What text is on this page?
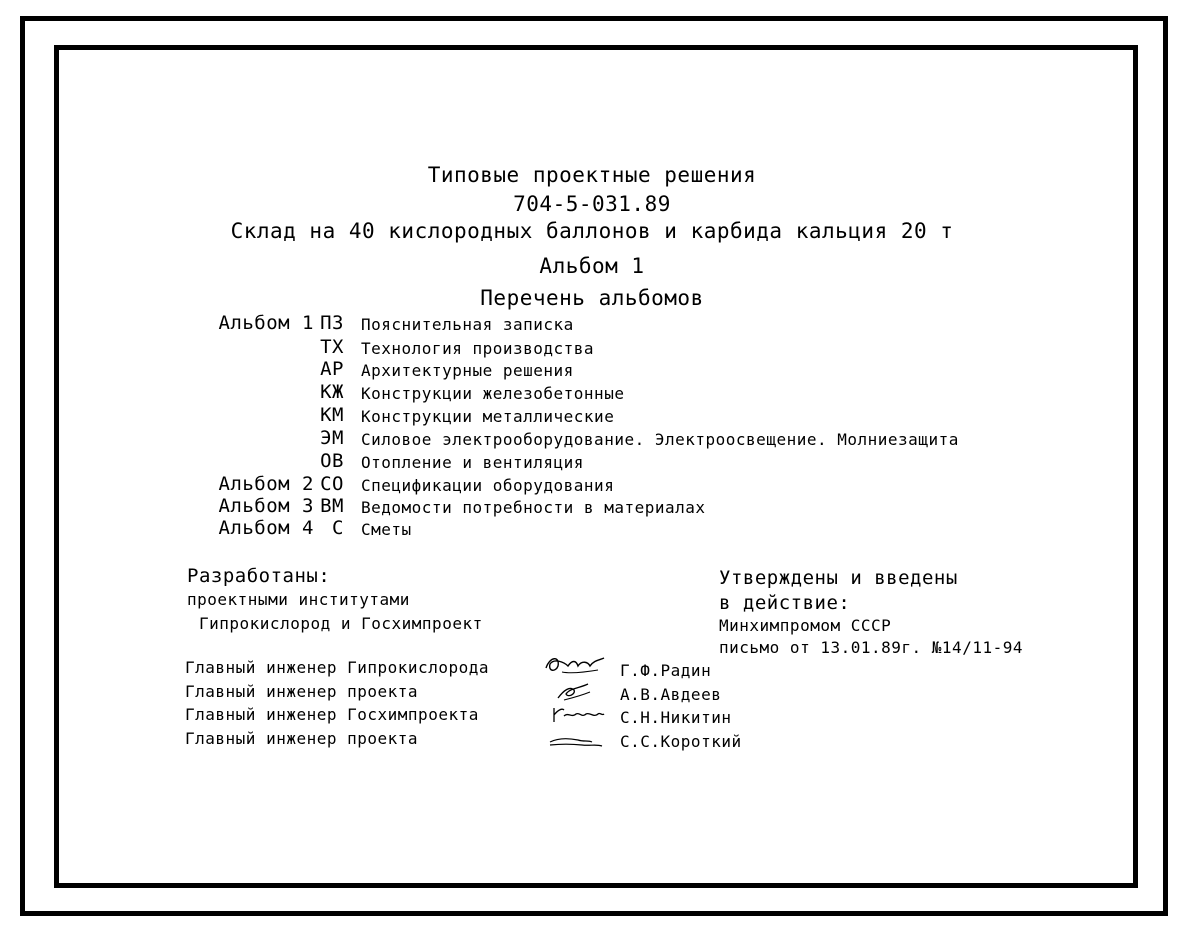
Типовые проектные решения
704-5-031.89
Склад на 40 кислородных баллонов и карбида кальция 20 т
Альбом 1
Перечень альбомов
Альбом 1 ПЗ Пояснительная записка
ТХ Технология производства
АР Архитектурные решения
КЖ Конструкции железобетонные
КМ Конструкции металлические
ЭМ Силовое электрооборудование. Электроосвещение. Молниезащита
ОВ Отопление и вентиляция
Альбом 2 СО Спецификации оборудования
Альбом 3 ВМ Ведомости потребности в материалах
Альбом 4 С Сметы
Разработаны:
проектными институтами
Гипрокислород и Госхимпроект
Утверждены и введены
в действие:
Минхимпромом СССР
письмо от 13.01.89г. №14/11-94
Главный инженер Гипрокислорода	Г.Ф.Радин
Главный инженер проекта	А.В.Авдеев
Главный инженер Госхимпроекта	С.Н.Никитин
Главный инженер проекта	С.С.Короткий
